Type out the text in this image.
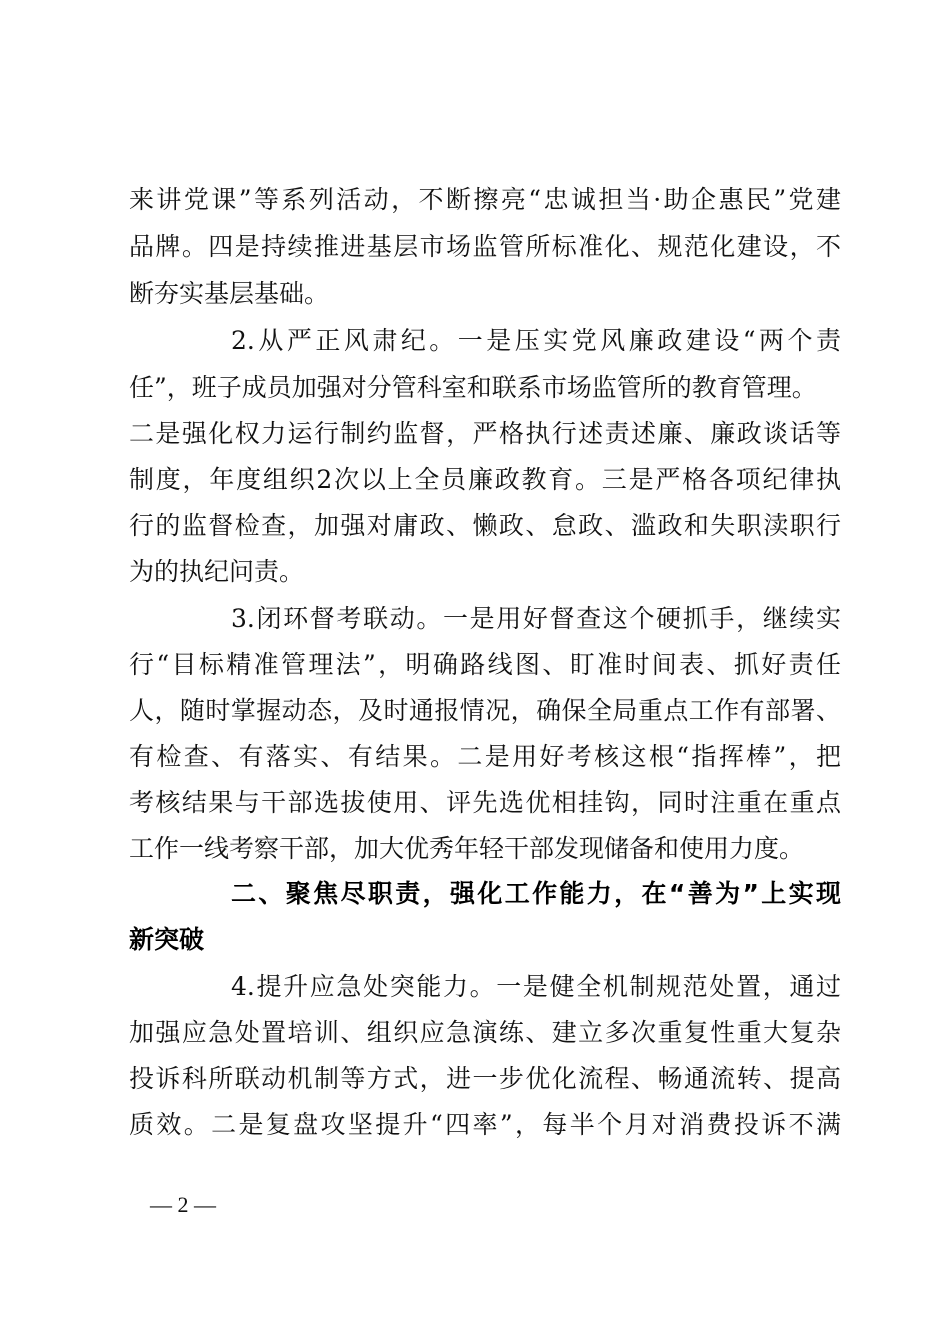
来讲党课”等系列活动，不断擦亮“忠诚担当·助企惠民”党建
品牌。四是持续推进基层市场监管所标准化、规范化建设，不
断夯实基层基础。
2.从严正风肃纪。一是压实党风廉政建设“两个责
任”，班子成员加强对分管科室和联系市场监管所的教育管理。
二是强化权力运行制约监督，严格执行述责述廉、廉政谈话等
制度，年度组织2次以上全员廉政教育。三是严格各项纪律执
行的监督检查，加强对庸政、懒政、怠政、滥政和失职渎职行
为的执纪问责。
3.闭环督考联动。一是用好督查这个硬抓手，继续实
行“目标精准管理法”，明确路线图、盯准时间表、抓好责任
人，随时掌握动态，及时通报情况，确保全局重点工作有部署、
有检查、有落实、有结果。二是用好考核这根“指挥棒”，把
考核结果与干部选拔使用、评先选优相挂钩，同时注重在重点
工作一线考察干部，加大优秀年轻干部发现储备和使用力度。
二、聚焦尽职责，强化工作能力，在“善为”上实现
新突破
4.提升应急处突能力。一是健全机制规范处置，通过
加强应急处置培训、组织应急演练、建立多次重复性重大复杂
投诉科所联动机制等方式，进一步优化流程、畅通流转、提高
质效。二是复盘攻坚提升“四率”，每半个月对消费投诉不满
— 2 —
